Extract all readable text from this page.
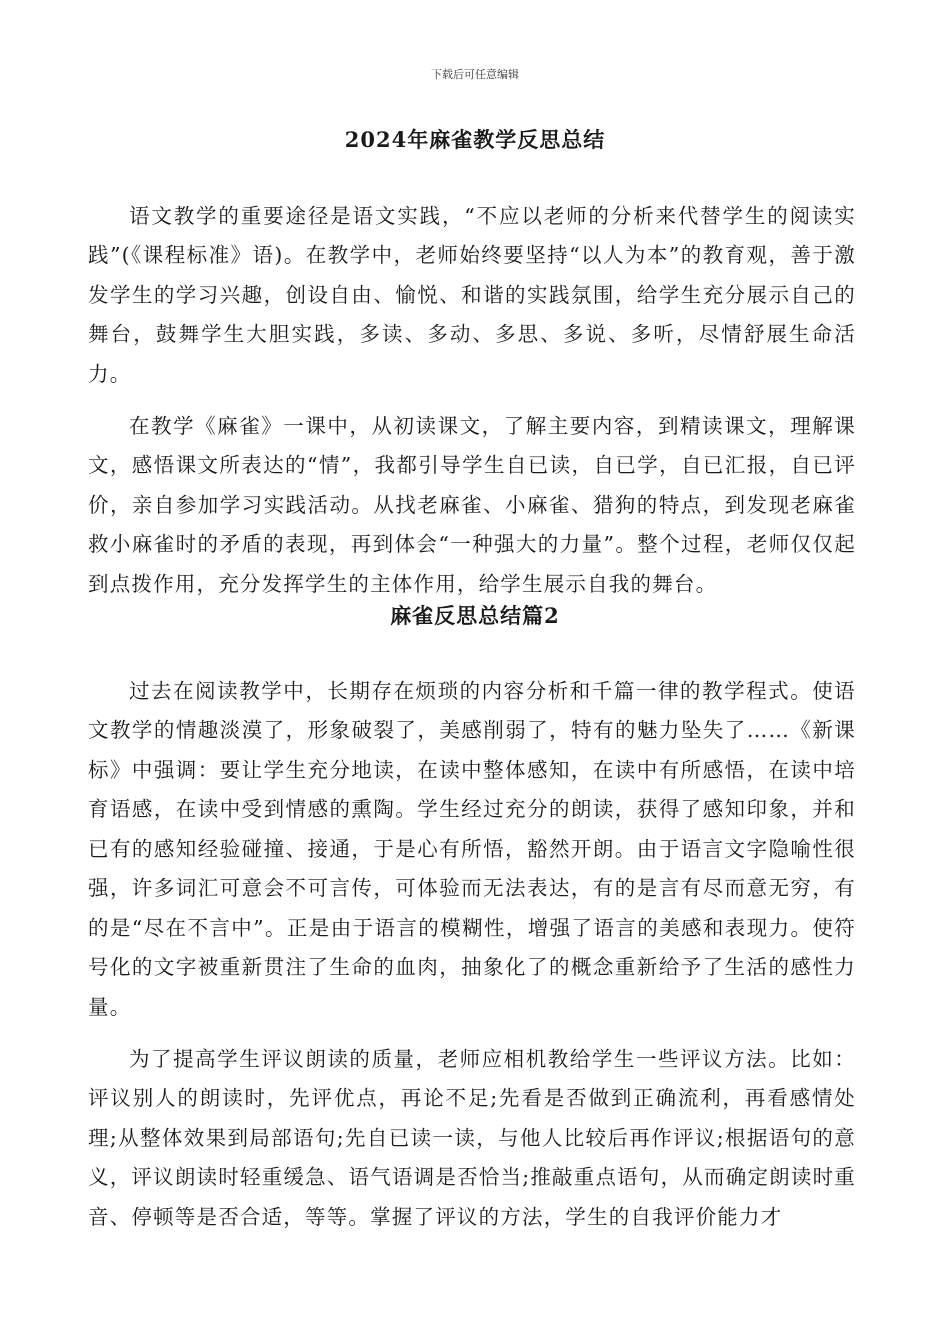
下载后可任意编辑
2024年麻雀教学反思总结

语文教学的重要途径是语文实践，“不应以老师的分析来代替学生的阅读实践”(《课程标准》语)。在教学中，老师始终要坚持“以人为本”的教育观，善于激发学生的学习兴趣，创设自由、愉悦、和谐的实践氛围，给学生充分展示自己的舞台，鼓舞学生大胆实践，多读、多动、多思、多说、多听，尽情舒展生命活力。

在教学《麻雀》一课中，从初读课文，了解主要内容，到精读课文，理解课文，感悟课文所表达的“情”，我都引导学生自已读，自已学，自已汇报，自已评价，亲自参加学习实践活动。从找老麻雀、小麻雀、猎狗的特点，到发现老麻雀救小麻雀时的矛盾的表现，再到体会“一种强大的力量”。整个过程，老师仅仅起到点拨作用，充分发挥学生的主体作用，给学生展示自我的舞台。

麻雀反思总结篇2

过去在阅读教学中，长期存在烦琐的内容分析和千篇一律的教学程式。使语文教学的情趣淡漠了，形象破裂了，美感削弱了，特有的魅力坠失了……《新课标》中强调：要让学生充分地读，在读中整体感知，在读中有所感悟，在读中培育语感，在读中受到情感的熏陶。学生经过充分的朗读，获得了感知印象，并和已有的感知经验碰撞、接通，于是心有所悟，豁然开朗。由于语言文字隐喻性很强，许多词汇可意会不可言传，可体验而无法表达，有的是言有尽而意无穷，有的是“尽在不言中”。正是由于语言的模糊性，增强了语言的美感和表现力。使符号化的文字被重新贯注了生命的血肉，抽象化了的概念重新给予了生活的感性力量。

为了提高学生评议朗读的质量，老师应相机教给学生一些评议方法。比如：评议别人的朗读时，先评优点，再论不足;先看是否做到正确流利，再看感情处理;从整体效果到局部语句;先自已读一读，与他人比较后再作评议;根据语句的意义，评议朗读时轻重缓急、语气语调是否恰当;推敲重点语句，从而确定朗读时重音、停顿等是否合适，等等。掌握了评议的方法，学生的自我评价能力才
